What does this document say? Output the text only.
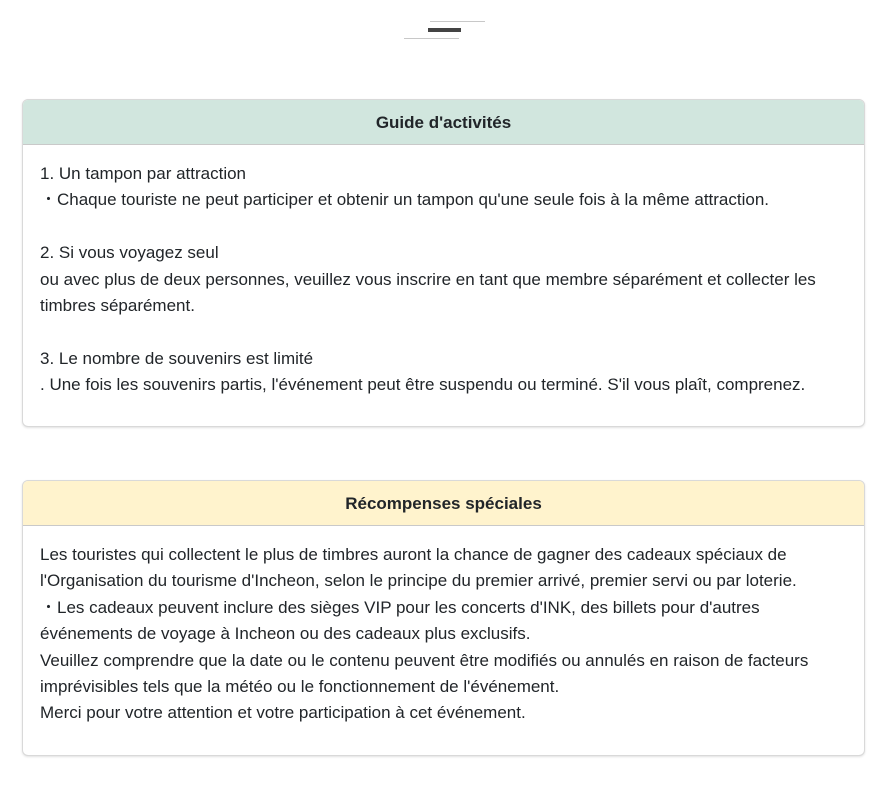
Guide d'activités
1. Un tampon par attraction
・Chaque touriste ne peut participer et obtenir un tampon qu'une seule fois à la même attraction.
2. Si vous voyagez seul
ou avec plus de deux personnes, veuillez vous inscrire en tant que membre séparément et collecter les timbres séparément.
3. Le nombre de souvenirs est limité
. Une fois les souvenirs partis, l'événement peut être suspendu ou terminé. S'il vous plaît, comprenez.
Récompenses spéciales
Les touristes qui collectent le plus de timbres auront la chance de gagner des cadeaux spéciaux de l'Organisation du tourisme d'Incheon, selon le principe du premier arrivé, premier servi ou par loterie.
・Les cadeaux peuvent inclure des sièges VIP pour les concerts d'INK, des billets pour d'autres événements de voyage à Incheon ou des cadeaux plus exclusifs.
Veuillez comprendre que la date ou le contenu peuvent être modifiés ou annulés en raison de facteurs imprévisibles tels que la météo ou le fonctionnement de l'événement.
Merci pour votre attention et votre participation à cet événement.
